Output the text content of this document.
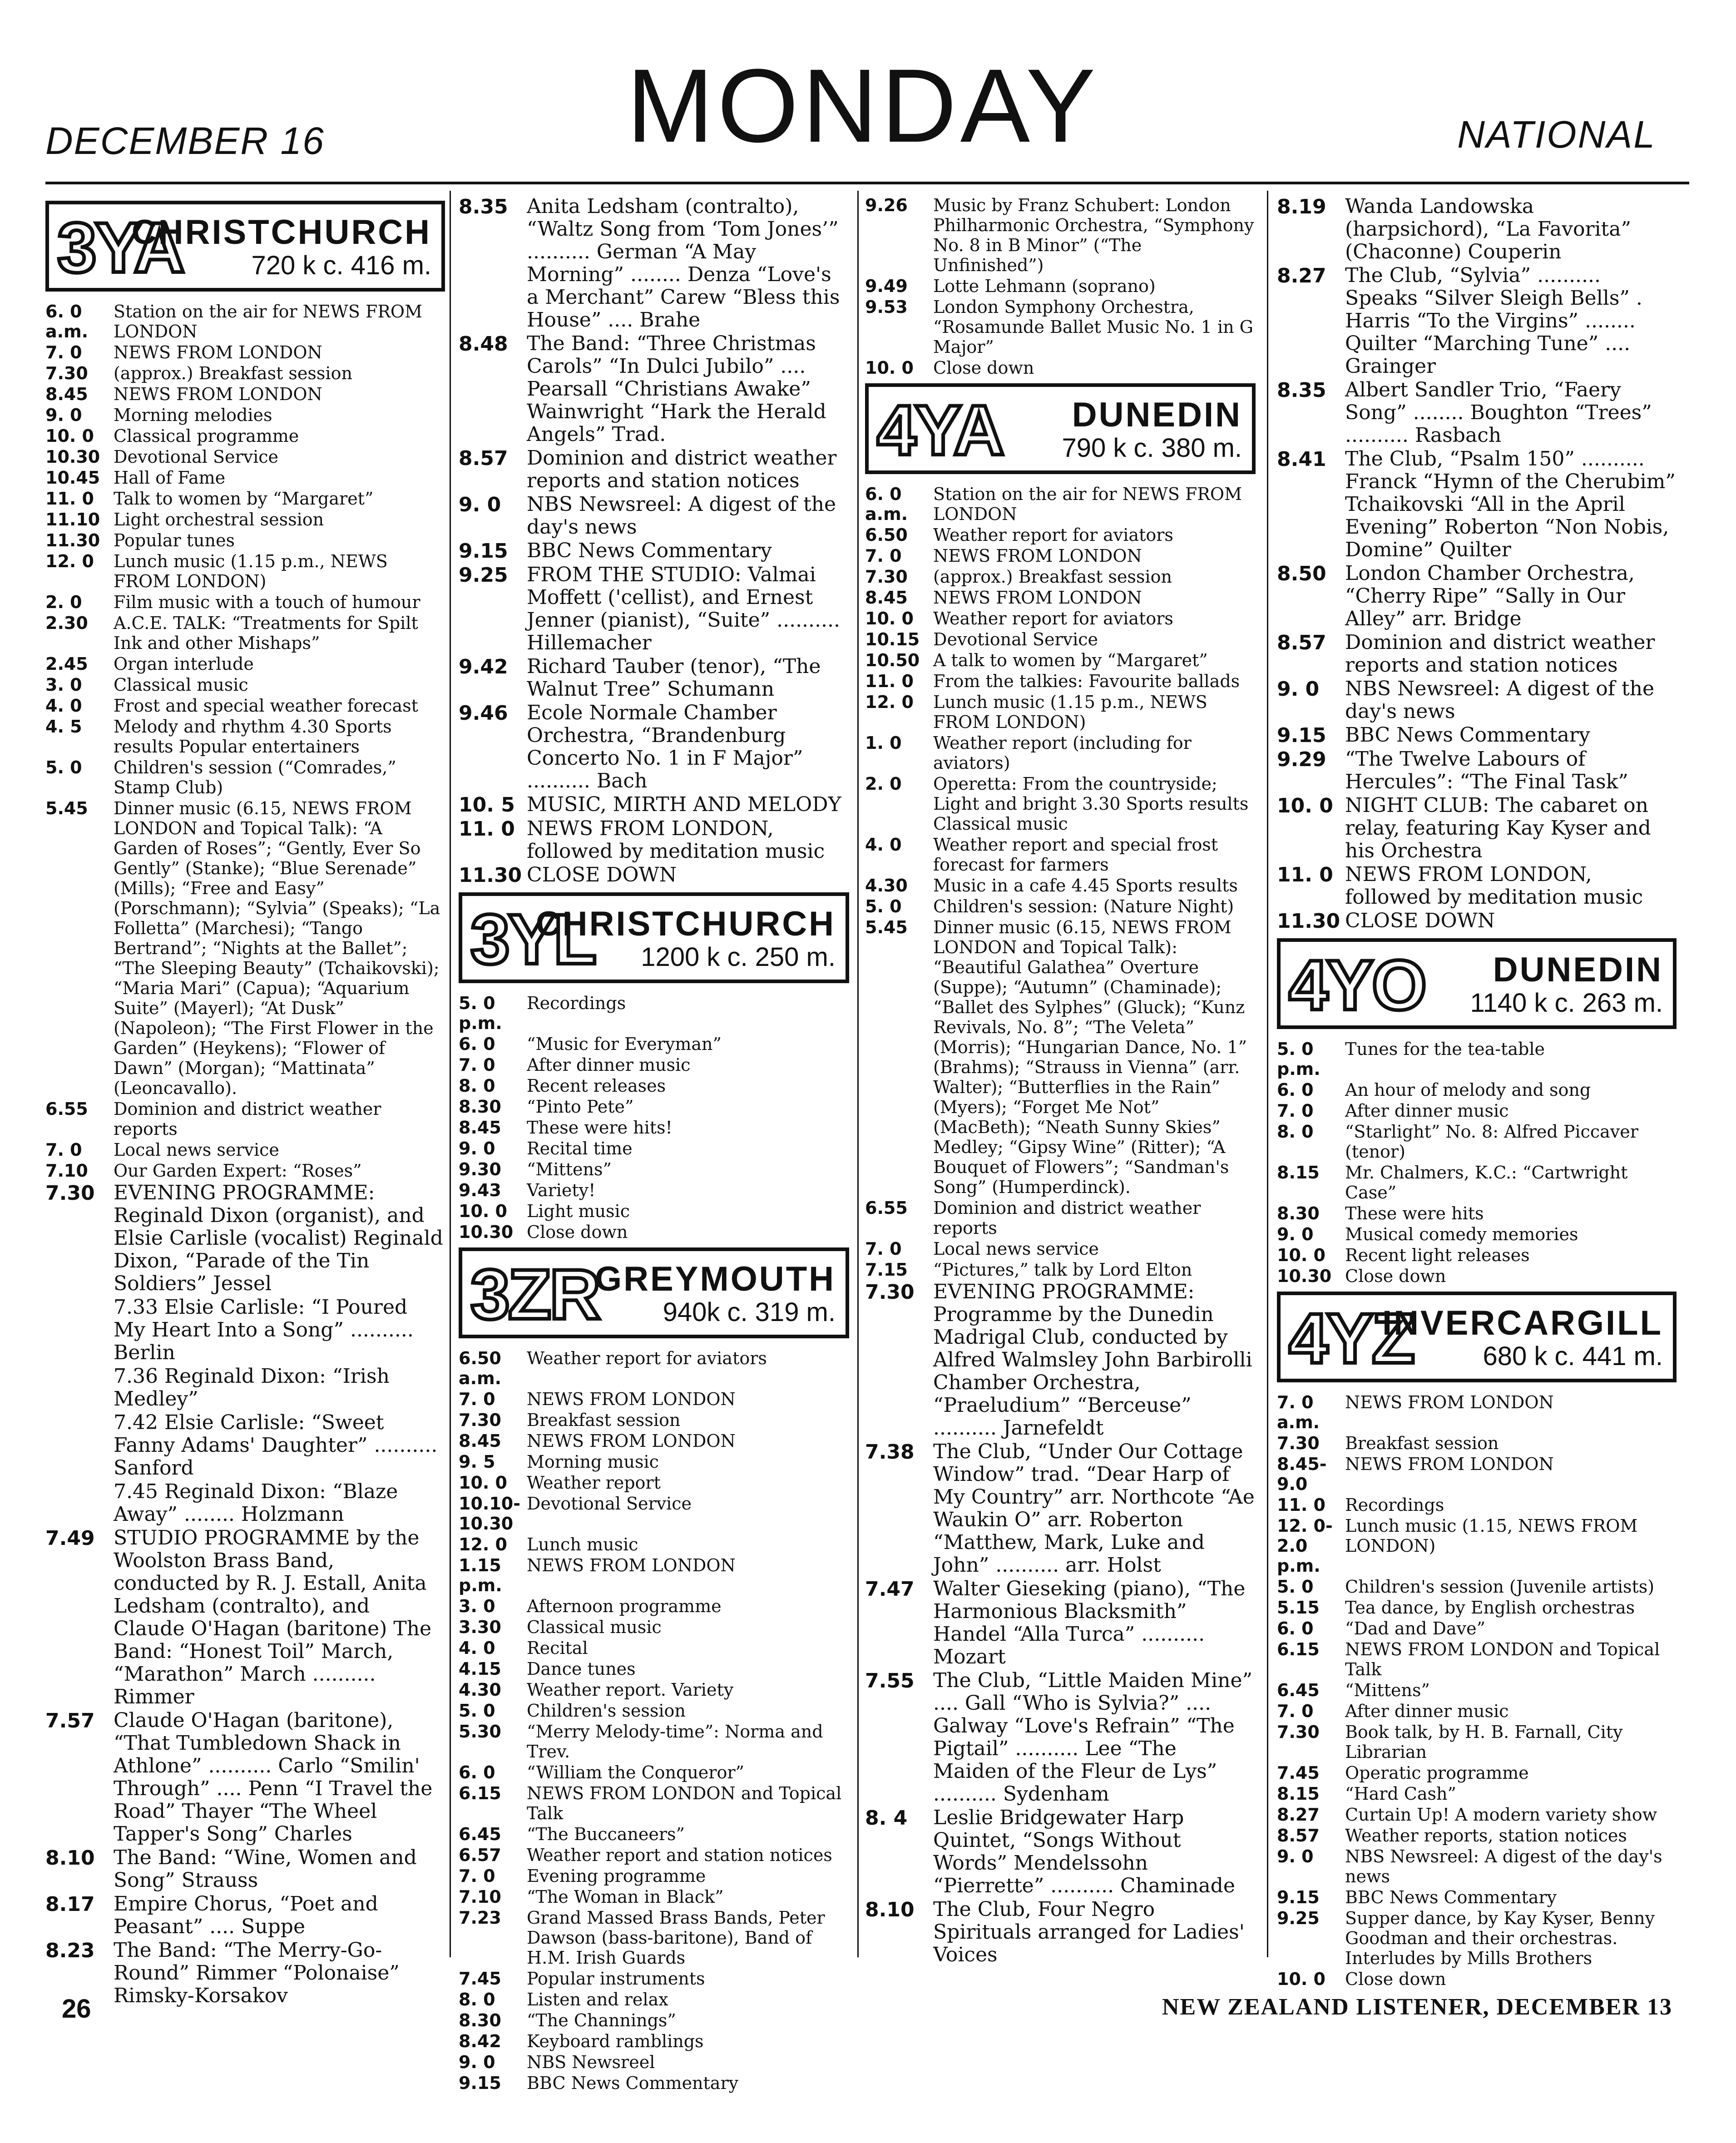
DECEMBER 16	MONDAY	NATIONAL
3YA
CHRISTCHURCH
720 k c. 416 m.
6. 0 a.m.
Station on the air for NEWS FROM LONDON
7. 0	NEWS FROM LONDON
7.30	(approx.) Breakfast session
8.45	NEWS FROM LONDON
9. 0	Morning melodies
10. 0	Classical programme
10.30 Devotional Service
10.45 Hall of Fame
11. 0	Talk to women by “Margaret”
11.10 Light orchestral session
11.30 Popular tunes
12. 0	Lunch music (1.15 p.m., NEWS FROM LONDON)
2. 0	Film music with a touch of humour
2.30	A.C.E. TALK: “Treatments for Spilt Ink and other Mishaps”
2.45	Organ interlude
3. 0	Classical music
4. 0	Frost and special weather forecast
4. 5	Melody and rhythm 4.30 Sports results Popular entertainers
5. 0	Children's session (“Comrades,” Stamp Club)
5.45	Dinner music (6.15, NEWS FROM LONDON and Topical Talk): “A Garden of Roses”; “Gently, Ever So Gently” (Stanke); “Blue Serenade” (Mills); “Free and Easy” (Porschmann); “Sylvia” (Speaks); “La Folletta” (Marchesi); “Tango Bertrand”; “Nights at the Ballet”; “The Sleeping Beauty” (Tchaikovski); “Maria Mari” (Capua); “Aquarium Suite” (Mayerl); “At Dusk” (Napoleon); “The First Flower in the Garden” (Heykens); “Flower of Dawn” (Morgan); “Mattinata” (Leoncavallo).
6.55	Dominion and district weather reports
7. 0	Local news service
7.10	Our Garden Expert: “Roses”
7.30 EVENING PROGRAMME: Reginald Dixon (organist), and Elsie Carlisle (vocalist) Reginald Dixon, “Parade of the Tin Soldiers” Jessel
7.33 Elsie Carlisle: “I Poured My Heart Into a Song” .......... Berlin
7.36 Reginald Dixon: “Irish Medley”
7.42 Elsie Carlisle: “Sweet Fanny Adams' Daughter” .......... Sanford
7.45 Reginald Dixon: “Blaze Away” ........ Holzmann
7.49 STUDIO PROGRAMME by the Woolston Brass Band, conducted by R. J. Estall, Anita Ledsham (contralto), and Claude O'Hagan (baritone) The Band: “Honest Toil” March, “Marathon” March .......... Rimmer
7.57 Claude O'Hagan (baritone), “That Tumbledown Shack in Athlone” .......... Carlo “Smilin' Through” .... Penn “I Travel the Road” Thayer “The Wheel Tapper's Song” Charles
8.10 The Band: “Wine, Women and Song” Strauss
8.17 Empire Chorus, “Poet and Peasant” .... Suppe
8.23 The Band: “The Merry-Go-Round” Rimmer “Polonaise” Rimsky-Korsakov
8.35 Anita Ledsham (contralto), “Waltz Song from ‘Tom Jones’” .......... German “A May Morning” ........ Denza “Love's a Merchant” Carew “Bless this House” .... Brahe
8.48 The Band: “Three Christmas Carols” “In Dulci Jubilo” .... Pearsall “Christians Awake” Wainwright “Hark the Herald Angels” Trad.
8.57 Dominion and district weather reports and station notices
9. 0	NBS Newsreel: A digest of the day's news
9.15 BBC News Commentary
9.25 FROM THE STUDIO: Valmai Moffett ('cellist), and Ernest Jenner (pianist), “Suite” .......... Hillemacher
9.42 Richard Tauber (tenor), “The Walnut Tree” Schumann
9.46 Ecole Normale Chamber Orchestra, “Brandenburg Concerto No. 1 in F Major” .......... Bach
10. 5 MUSIC, MIRTH AND MELODY
11. 0 NEWS FROM LONDON, followed by meditation music
11.30 CLOSE DOWN
3YL
CHRISTCHURCH
1200 k c. 250 m.
5. 0 p.m.
Recordings
6. 0	“Music for Everyman”
7. 0	After dinner music
8. 0	Recent releases
8.30	“Pinto Pete”
8.45	These were hits!
9. 0	Recital time
9.30	“Mittens”
9.43	Variety!
10. 0	Light music
10.30 Close down
3ZR
GREYMOUTH
940k c. 319 m.
6.50 a.m.
Weather report for aviators
7. 0	NEWS FROM LONDON
7.30	Breakfast session
8.45	NEWS FROM LONDON
9. 5	Morning music
10. 0	Weather report
10.10-10.30
Devotional Service
12. 0	Lunch music
1.15 p.m.
NEWS FROM LONDON
3. 0	Afternoon programme
3.30	Classical music
4. 0	Recital
4.15	Dance tunes
4.30	Weather report. Variety
5. 0	Children's session
5.30	“Merry Melody-time”: Norma and Trev.
6. 0	“William the Conqueror”
6.15	NEWS FROM LONDON and Topical Talk
6.45	“The Buccaneers”
6.57	Weather report and station notices
7. 0	Evening programme
7.10	“The Woman in Black”
7.23	Grand Massed Brass Bands, Peter Dawson (bass-baritone), Band of H.M. Irish Guards
7.45	Popular instruments
8. 0	Listen and relax
8.30	“The Channings”
8.42	Keyboard ramblings
9. 0	NBS Newsreel
9.15	BBC News Commentary
9.26	Music by Franz Schubert: London Philharmonic Orchestra, “Symphony No. 8 in B Minor” (“The Unfinished”)
9.49	Lotte Lehmann (soprano)
9.53	London Symphony Orchestra, “Rosamunde Ballet Music No. 1 in G Major”
10. 0	Close down
4YA DUNEDIN
790 k c. 380 m.
6. 0 a.m.
Station on the air for NEWS FROM LONDON
6.50	Weather report for aviators
7. 0	NEWS FROM LONDON
7.30	(approx.) Breakfast session
8.45	NEWS FROM LONDON
10. 0	Weather report for aviators
10.15 Devotional Service
10.50 A talk to women by “Margaret”
11. 0	From the talkies: Favourite ballads
12. 0	Lunch music (1.15 p.m., NEWS FROM LONDON)
1. 0	Weather report (including for aviators)
2. 0	Operetta: From the countryside; Light and bright 3.30 Sports results Classical music
4. 0	Weather report and special frost forecast for farmers
4.30	Music in a cafe 4.45 Sports results
5. 0	Children's session: (Nature Night)
5.45	Dinner music (6.15, NEWS FROM LONDON and Topical Talk): “Beautiful Galathea” Overture (Suppe); “Autumn” (Chaminade); “Ballet des Sylphes” (Gluck); “Kunz Revivals, No. 8”; “The Veleta” (Morris); “Hungarian Dance, No. 1” (Brahms); “Strauss in Vienna” (arr. Walter); “Butterflies in the Rain” (Myers); “Forget Me Not” (MacBeth); “Neath Sunny Skies” Medley; “Gipsy Wine” (Ritter); “A Bouquet of Flowers”; “Sandman's Song” (Humperdinck).
6.55	Dominion and district weather reports
7. 0	Local news service
7.15	“Pictures,” talk by Lord Elton
7.30 EVENING PROGRAMME: Programme by the Dunedin Madrigal Club, conducted by Alfred Walmsley John Barbirolli Chamber Orchestra, “Praeludium” “Berceuse” .......... Jarnefeldt
7.38 The Club, “Under Our Cottage Window” trad. “Dear Harp of My Country” arr. Northcote “Ae Waukin O” arr. Roberton “Matthew, Mark, Luke and John” .......... arr. Holst
7.47 Walter Gieseking (piano), “The Harmonious Blacksmith” Handel “Alla Turca” .......... Mozart
7.55 The Club, “Little Maiden Mine” .... Gall “Who is Sylvia?” .... Galway “Love's Refrain” “The Pigtail” .......... Lee “The Maiden of the Fleur de Lys” .......... Sydenham
8. 4	Leslie Bridgewater Harp Quintet, “Songs Without Words” Mendelssohn “Pierrette” .......... Chaminade
8.10 The Club, Four Negro Spirituals arranged for Ladies' Voices
8.19 Wanda Landowska (harpsichord), “La Favorita” (Chaconne) Couperin
8.27 The Club, “Sylvia” .......... Speaks “Silver Sleigh Bells” . Harris “To the Virgins” ........ Quilter “Marching Tune” .... Grainger
8.35 Albert Sandler Trio, “Faery Song” ........ Boughton “Trees” .......... Rasbach
8.41 The Club, “Psalm 150” .......... Franck “Hymn of the Cherubim” Tchaikovski “All in the April Evening” Roberton “Non Nobis, Domine” Quilter
8.50 London Chamber Orchestra, “Cherry Ripe” “Sally in Our Alley” arr. Bridge
8.57 Dominion and district weather reports and station notices
9. 0	NBS Newsreel: A digest of the day's news
9.15 BBC News Commentary
9.29 “The Twelve Labours of Hercules”: “The Final Task”
10. 0 NIGHT CLUB: The cabaret on relay, featuring Kay Kyser and his Orchestra
11. 0 NEWS FROM LONDON, followed by meditation music
11.30 CLOSE DOWN
4YO DUNEDIN
1140 k c. 263 m.
5. 0 p.m.
Tunes for the tea-table
6. 0	An hour of melody and song
7. 0	After dinner music
8. 0	“Starlight” No. 8: Alfred Piccaver (tenor)
8.15	Mr. Chalmers, K.C.: “Cartwright Case”
8.30	These were hits
9. 0	Musical comedy memories
10. 0	Recent light releases
10.30 Close down
4YZ
INVERCARGILL
680 k c. 441 m.
7. 0 a.m.
NEWS FROM LONDON
7.30	Breakfast session
8.45-9.0
NEWS FROM LONDON
11. 0	Recordings
12. 0-2.0 p.m.
Lunch music (1.15, NEWS FROM LONDON)
5. 0	Children's session (Juvenile artists)
5.15	Tea dance, by English orchestras
6. 0	“Dad and Dave”
6.15	NEWS FROM LONDON and Topical Talk
6.45	“Mittens”
7. 0	After dinner music
7.30	Book talk, by H. B. Farnall, City Librarian
7.45	Operatic programme
8.15	“Hard Cash”
8.27	Curtain Up! A modern variety show
8.57	Weather reports, station notices
9. 0	NBS Newsreel: A digest of the day's news
9.15	BBC News Commentary
9.25	Supper dance, by Kay Kyser, Benny Goodman and their orchestras. Interludes by Mills Brothers
10. 0	Close down
26	NEW ZEALAND LISTENER, DECEMBER 13
